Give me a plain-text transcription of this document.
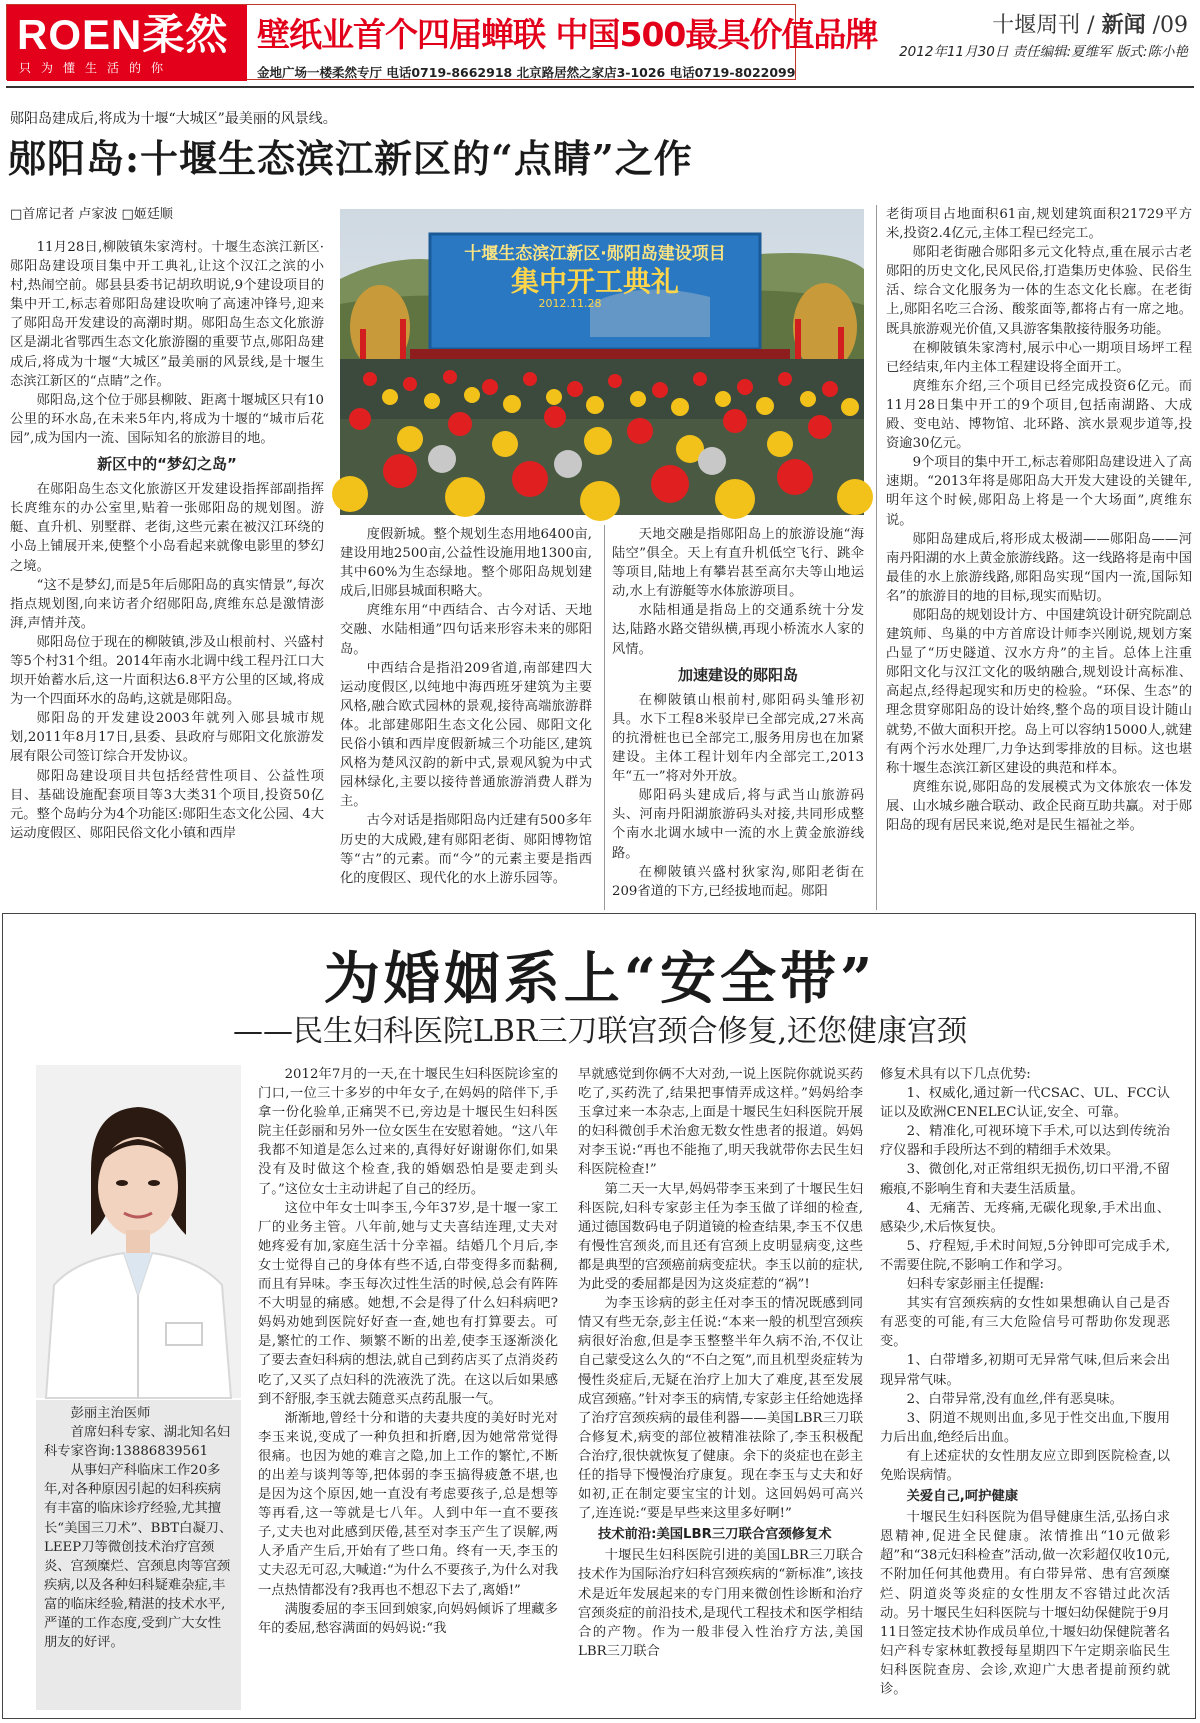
ROEN柔然
只为懂生活的你
壁纸业首个四届蝉联 中国500最具价值品牌
金地广场一楼柔然专厅 电话0719-8662918 北京路居然之家店3-1026 电话0719-8022099
十堰周刊 / 新闻 /09
2012年11月30日 责任编辑:夏维军 版式:陈小艳
郧阳岛建成后,将成为十堰“大城区”最美丽的风景线。
郧阳岛:十堰生态滨江新区的“点睛”之作
□首席记者 卢家波 □姬廷顺

11月28日,柳陂镇朱家湾村。十堰生态滨江新区·郧阳岛建设项目集中开工典礼,让这个汉江之滨的小村,热闹空前。郧县县委书记胡玖明说,9个建设项目的集中开工,标志着郧阳岛建设吹响了高速冲锋号,迎来了郧阳岛开发建设的高潮时期。郧阳岛生态文化旅游区是湖北省鄂西生态文化旅游圈的重要节点,郧阳岛建成后,将成为十堰“大城区”最美丽的风景线,是十堰生态滨江新区的“点睛”之作。

郧阳岛,这个位于郧县柳陂、距离十堰城区只有10公里的环水岛,在未来5年内,将成为十堰的“城市后花园”,成为国内一流、国际知名的旅游目的地。

新区中的“梦幻之岛”

在郧阳岛生态文化旅游区开发建设指挥部副指挥长庹维东的办公室里,贴着一张郧阳岛的规划图。游艇、直升机、别墅群、老街,这些元素在被汉江环绕的小岛上铺展开来,使整个小岛看起来就像电影里的梦幻之境。

“这不是梦幻,而是5年后郧阳岛的真实情景”,每次指点规划图,向来访者介绍郧阳岛,庹维东总是激情澎湃,声情并茂。

郧阳岛位于现在的柳陂镇,涉及山根前村、兴盛村等5个村31个组。2014年南水北调中线工程丹江口大坝开始蓄水后,这一片面积达6.8平方公里的区域,将成为一个四面环水的岛屿,这就是郧阳岛。

郧阳岛的开发建设2003年就列入郧县城市规划,2011年8月17日,县委、县政府与郧阳文化旅游发展有限公司签订综合开发协议。

郧阳岛建设项目共包括经营性项目、公益性项目、基础设施配套项目等3大类31个项目,投资50亿元。整个岛屿分为4个功能区:郧阳生态文化公园、4大运动度假区、郧阳民俗文化小镇和西岸

十堰生态滨江新区·郧阳岛建设项目
集中开工典礼
2012.11.28

度假新城。整个规划生态用地6400亩,建设用地2500亩,公益性设施用地1300亩,其中60%为生态绿地。整个郧阳岛规划建成后,旧郧县城面积略大。

庹维东用“中西结合、古今对话、天地交融、水陆相通”四句话来形容未来的郧阳岛。

中西结合是指沿209省道,南部建四大运动度假区,以纯地中海西班牙建筑为主要风格,融合欧式园林的景观,接待高端旅游群体。北部建郧阳生态文化公园、郧阳文化民俗小镇和西岸度假新城三个功能区,建筑风格为楚风汉韵的新中式,景观风貌为中式园林绿化,主要以接待普通旅游消费人群为主。

古今对话是指郧阳岛内迁建有500多年历史的大成殿,建有郧阳老街、郧阳博物馆等“古”的元素。而“今”的元素主要是指西化的度假区、现代化的水上游乐园等。

天地交融是指郧阳岛上的旅游设施“海陆空”俱全。天上有直升机低空飞行、跳伞等项目,陆地上有攀岩甚至高尔夫等山地运动,水上有游艇等水体旅游项目。

水陆相通是指岛上的交通系统十分发达,陆路水路交错纵横,再现小桥流水人家的风情。

加速建设的郧阳岛

在柳陂镇山根前村,郧阳码头雏形初具。水下工程8米驳岸已全部完成,27米高的抗滑桩也已全部完工,服务用房也在加紧建设。主体工程计划年内全部完工,2013年“五一”将对外开放。

郧阳码头建成后,将与武当山旅游码头、河南丹阳湖旅游码头对接,共同形成整个南水北调水域中一流的水上黄金旅游线路。

在柳陂镇兴盛村狄家沟,郧阳老街在209省道的下方,已经拔地而起。郧阳

老街项目占地面积61亩,规划建筑面积21729平方米,投资2.4亿元,主体工程已经完工。

郧阳老街融合郧阳多元文化特点,重在展示古老郧阳的历史文化,民风民俗,打造集历史体验、民俗生活、综合文化服务为一体的生态文化长廊。在老街上,郧阳名吃三合汤、酸浆面等,都将占有一席之地。既具旅游观光价值,又具游客集散接待服务功能。

在柳陂镇朱家湾村,展示中心一期项目场坪工程已经结束,年内主体工程建设将全面开工。

庹维东介绍,三个项目已经完成投资6亿元。而11月28日集中开工的9个项目,包括南湖路、大成殿、变电站、博物馆、北环路、滨水景观步道等,投资逾30亿元。

9个项目的集中开工,标志着郧阳岛建设进入了高速期。“2013年将是郧阳岛大开发大建设的关键年,明年这个时候,郧阳岛上将是一个大场面”,庹维东说。

郧阳岛建成后,将形成太极湖——郧阳岛——河南丹阳湖的水上黄金旅游线路。这一线路将是南中国最佳的水上旅游线路,郧阳岛实现“国内一流,国际知名”的旅游目的地的目标,现实而贴切。

郧阳岛的规划设计方、中国建筑设计研究院副总建筑师、鸟巢的中方首席设计师李兴刚说,规划方案凸显了“历史隧道、汉水方舟”的主旨。总体上注重郧阳文化与汉江文化的吸纳融合,规划设计高标准、高起点,经得起现实和历史的检验。“环保、生态”的理念贯穿郧阳岛的设计始终,整个岛的项目设计随山就势,不做大面积开挖。岛上可以容纳15000人,就建有两个污水处理厂,力争达到零排放的目标。这也堪称十堰生态滨江新区建设的典范和样本。

庹维东说,郧阳岛的发展模式为文体旅农一体发展、山水城乡融合联动、政企民商互助共赢。对于郧阳岛的现有居民来说,绝对是民生福祉之举。

为婚姻系上“安全带”
——民生妇科医院LBR三刀联宫颈合修复,还您健康宫颈

彭丽主治医师

首席妇科专家、湖北知名妇科专家咨询:13886839561

从事妇产科临床工作20多年,对各种原因引起的妇科疾病有丰富的临床诊疗经验,尤其擅长“美国三刀术”、BBT白凝刀、LEEP刀等微创技术治疗宫颈炎、宫颈糜烂、宫颈息肉等宫颈疾病,以及各种妇科疑难杂症,丰富的临床经验,精湛的技术水平,严谨的工作态度,受到广大女性朋友的好评。

2012年7月的一天,在十堰民生妇科医院诊室的门口,一位三十多岁的中年女子,在妈妈的陪伴下,手拿一份化验单,正痛哭不已,旁边是十堰民生妇科医院主任彭丽和另外一位女医生在安慰着她。“这八年我都不知道是怎么过来的,真得好好谢谢你们,如果没有及时做这个检查,我的婚姻恐怕是要走到头了。”这位女士主动讲起了自己的经历。

这位中年女士叫李玉,今年37岁,是十堰一家工厂的业务主管。八年前,她与丈夫喜结连理,丈夫对她疼爱有加,家庭生活十分幸福。结婚几个月后,李女士觉得自己的身体有些不适,白带变得多而黏稠,而且有异味。李玉每次过性生活的时候,总会有阵阵不大明显的痛感。她想,不会是得了什么妇科病吧?妈妈劝她到医院好好查一查,她也有打算要去。可是,繁忙的工作、频繁不断的出差,使李玉逐渐淡化了要去查妇科病的想法,就自己到药店买了点消炎药吃了,又买了点妇科的洗液洗了洗。在这以后如果感到不舒服,李玉就去随意买点药乱服一气。

渐渐地,曾经十分和谐的夫妻共度的美好时光对李玉来说,变成了一种负担和折磨,因为她常常觉得很痛。也因为她的难言之隐,加上工作的繁忙,不断的出差与谈判等等,把体弱的李玉搞得疲惫不堪,也是因为这个原因,她一直没有考虑要孩子,总是想等等再看,这一等就是七八年。人到中年一直不要孩子,丈夫也对此感到厌倦,甚至对李玉产生了误解,两人矛盾产生后,开始有了些口角。终有一天,李玉的丈夫忍无可忍,大喊道:“为什么不要孩子,为什么对我一点热情都没有?我再也不想忍下去了,离婚!”

满腹委屈的李玉回到娘家,向妈妈倾诉了埋藏多年的委屈,愁容满面的妈妈说:“我

早就感觉到你俩不大对劲,一说上医院你就说买药吃了,买药洗了,结果把事情弄成这样。”妈妈给李玉拿过来一本杂志,上面是十堰民生妇科医院开展的妇科微创手术治愈无数女性患者的报道。妈妈对李玉说:“再也不能拖了,明天我就带你去民生妇科医院检查!”

第二天一大早,妈妈带李玉来到了十堰民生妇科医院,妇科专家彭主任为李玉做了详细的检查,通过德国数码电子阴道镜的检查结果,李玉不仅患有慢性宫颈炎,而且还有宫颈上皮明显病变,这些都是典型的宫颈癌前病变症状。李玉以前的症状,为此受的委屈都是因为这炎症惹的“祸”!

为李玉诊病的彭主任对李玉的情况既感到同情又有些无奈,彭主任说:“本来一般的机型宫颈疾病很好治愈,但是李玉整整半年久病不治,不仅让自己蒙受这么久的“不白之冤”,而且机型炎症转为慢性炎症后,无疑在治疗上加大了难度,甚至发展成宫颈癌。”针对李玉的病情,专家彭主任给她选择了治疗宫颈疾病的最佳利器——美国LBR三刀联合修复术,病变的部位被精准祛除了,李玉积极配合治疗,很快就恢复了健康。余下的炎症也在彭主任的指导下慢慢治疗康复。现在李玉与丈夫和好如初,正在制定要宝宝的计划。这回妈妈可高兴了,连连说:“要是早些来这里多好啊!”

技术前沿:美国LBR三刀联合宫颈修复术

十堰民生妇科医院引进的美国LBR三刀联合技术作为国际治疗妇科宫颈疾病的“新标准”,该技术是近年发展起来的专门用来微创性诊断和治疗宫颈炎症的前沿技术,是现代工程技术和医学相结合的产物。作为一般非侵入性治疗方法,美国LBR三刀联合

修复术具有以下几点优势:

1、权威化,通过新一代CSAC、UL、FCC认证以及欧洲CENELEC认证,安全、可靠。

2、精准化,可视环境下手术,可以达到传统治疗仪器和手段所达不到的精细手术效果。

3、微创化,对正常组织无损伤,切口平滑,不留瘢痕,不影响生育和夫妻生活质量。

4、无痛苦、无疼痛,无碳化现象,手术出血、感染少,术后恢复快。

5、疗程短,手术时间短,5分钟即可完成手术,不需要住院,不影响工作和学习。

妇科专家彭丽主任提醒:

其实有宫颈疾病的女性如果想确认自己是否有恶变的可能,有三大危险信号可帮助你发现恶变。

1、白带增多,初期可无异常气味,但后来会出现异常气味。

2、白带异常,没有血丝,伴有恶臭味。

3、阴道不规则出血,多见于性交出血,下腹用力后出血,绝经后出血。

有上述症状的女性朋友应立即到医院检查,以免贻误病情。

关爱自己,呵护健康

十堰民生妇科医院为倡导健康生活,弘扬白求恩精神,促进全民健康。浓情推出“10元做彩超”和“38元妇科检查”活动,做一次彩超仅收10元,不附加任何其他费用。有白带异常、患有宫颈糜烂、阴道炎等炎症的女性朋友不容错过此次活动。另十堰民生妇科医院与十堰妇幼保健院于9月11日签定技术协作成员单位,十堰妇幼保健院著名妇产科专家林虹教授每星期四下午定期亲临民生妇科医院查房、会诊,欢迎广大患者提前预约就诊。
